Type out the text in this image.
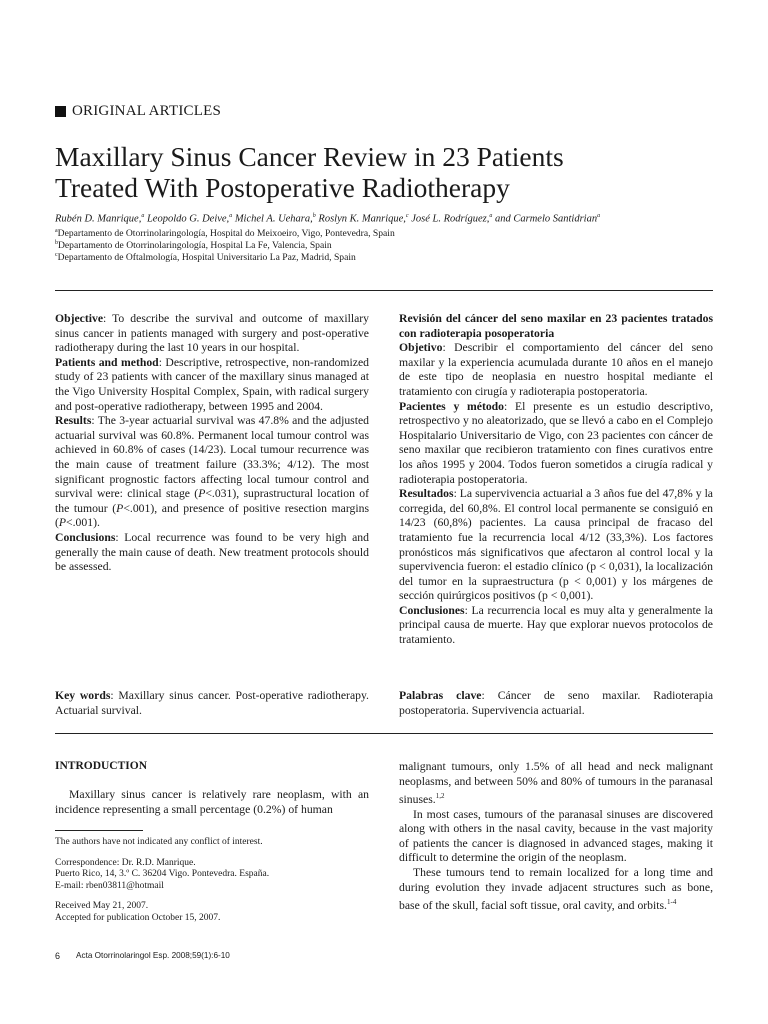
ORIGINAL ARTICLES
Maxillary Sinus Cancer Review in 23 Patients
Treated With Postoperative Radiotherapy
Rubén D. Manrique,$^a$ Leopoldo G. Deive,$^a$ Michel A. Uehara,$^b$ Roslyn K. Manrique,$^c$ José L. Rodríguez,$^a$ and Carmelo Santidrian$^a$
$^a$Departamento de Otorrinolaringología, Hospital do Meixoeiro, Vigo, Pontevedra, Spain
$^b$Departamento de Otorrinolaringología, Hospital La Fe, Valencia, Spain
$^c$Departamento de Oftalmología, Hospital Universitario La Paz, Madrid, Spain

Objective: To describe the survival and outcome of maxillary sinus cancer in patients managed with surgery and post-operative radiotherapy during the last 10 years in our hospital.

Patients and method: Descriptive, retrospective, non-randomized study of 23 patients with cancer of the maxillary sinus managed at the Vigo University Hospital Complex, Spain, with radical surgery and post-operative radiotherapy, between 1995 and 2004.

Results: The 3-year actuarial survival was 47.8% and the adjusted actuarial survival was 60.8%. Permanent local tumour control was achieved in 60.8% of cases (14/23). Local tumour recurrence was the main cause of treatment failure (33.3%; 4/12). The most significant prognostic factors affecting local tumour control and survival were: clinical stage (P<.031), suprastructural location of the tumour (P<.001), and presence of positive resection margins (P<.001).

Conclusions: Local recurrence was found to be very high and generally the main cause of death. New treatment protocols should be assessed.

Key words: Maxillary sinus cancer. Post-operative radiotherapy. Actuarial survival.

Revisión del cáncer del seno maxilar en 23 pacientes tratados con radioterapia posoperatoria

Objetivo: Describir el comportamiento del cáncer del seno maxilar y la experiencia acumulada durante 10 años en el manejo de este tipo de neoplasia en nuestro hospital mediante el tratamiento con cirugía y radioterapia postoperatoria.

Pacientes y método: El presente es un estudio descriptivo, retrospectivo y no aleatorizado, que se llevó a cabo en el Complejo Hospitalario Universitario de Vigo, con 23 pacientes con cáncer de seno maxilar que recibieron tratamiento con fines curativos entre los años 1995 y 2004. Todos fueron sometidos a cirugía radical y radioterapia postoperatoria.

Resultados: La supervivencia actuarial a 3 años fue del 47,8% y la corregida, del 60,8%. El control local permanente se consiguió en 14/23 (60,8%) pacientes. La causa principal de fracaso del tratamiento fue la recurrencia local 4/12 (33,3%). Los factores pronósticos más significativos que afectaron al control local y la supervivencia fueron: el estadio clínico (p < 0,031), la localización del tumor en la supraestructura (p < 0,001) y los márgenes de sección quirúrgicos positivos (p < 0,001).

Conclusiones: La recurrencia local es muy alta y generalmente la principal causa de muerte. Hay que explorar nuevos protocolos de tratamiento.

Palabras clave: Cáncer de seno maxilar. Radioterapia postoperatoria. Supervivencia actuarial.

INTRODUCTION

Maxillary sinus cancer is relatively rare neoplasm, with an incidence representing a small percentage (0.2%) of human

The authors have not indicated any conflict of interest.

Correspondence: Dr. R.D. Manrique.

Puerto Rico, 14, 3.º C. 36204 Vigo. Pontevedra. España.

E-mail: rben03811@hotmail

Received May 21, 2007.

Accepted for publication October 15, 2007.

malignant tumours, only 1.5% of all head and neck malignant neoplasms, and between 50% and 80% of tumours in the paranasal sinuses.$^{1,2}$

In most cases, tumours of the paranasal sinuses are discovered along with others in the nasal cavity, because in the vast majority of patients the cancer is diagnosed in advanced stages, making it difficult to determine the origin of the neoplasm.

These tumours tend to remain localized for a long time and during evolution they invade adjacent structures such as bone, base of the skull, facial soft tissue, oral cavity, and orbits.$^{1-4}$

6 Acta Otorrinolaringol Esp. 2008;59(1):6-10
